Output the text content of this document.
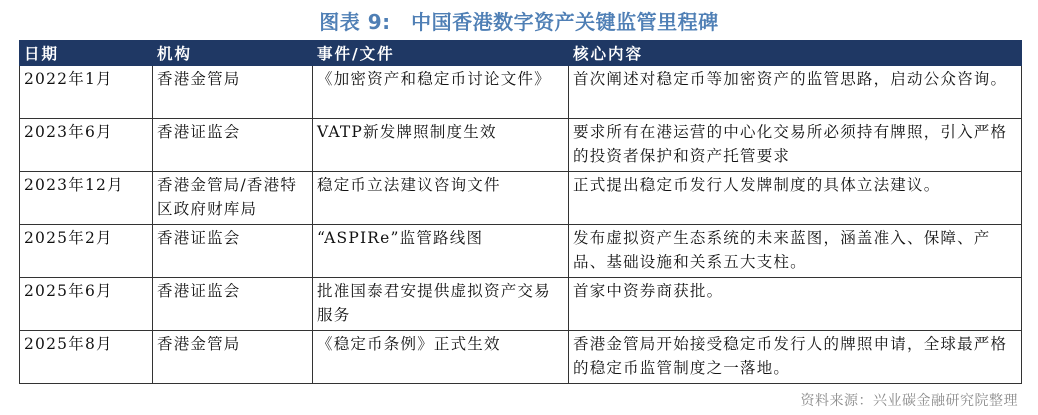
图表 9:　中国香港数字资产关键监管里程碑
日期	机构	事件/文件	核心内容
2022年1月	香港金管局	《加密资产和稳定币讨论文件》	首次阐述对稳定币等加密资产的监管思路，启动公众咨询。
2023年6月	香港证监会	VATP新发牌照制度生效	要求所有在港运营的中心化交易所必须持有牌照，引入严格的投资者保护和资产托管要求
2023年12月	香港金管局/香港特区政府财库局	稳定币立法建议咨询文件	正式提出稳定币发行人发牌制度的具体立法建议。
2025年2月	香港证监会	“ASPIRe”监管路线图	发布虚拟资产生态系统的未来蓝图，涵盖准入、保障、产品、基础设施和关系五大支柱。
2025年6月	香港证监会	批准国泰君安提供虚拟资产交易服务	首家中资券商获批。
2025年8月	香港金管局	《稳定币条例》正式生效	香港金管局开始接受稳定币发行人的牌照申请，全球最严格的稳定币监管制度之一落地。
资料来源：兴业碳金融研究院整理
